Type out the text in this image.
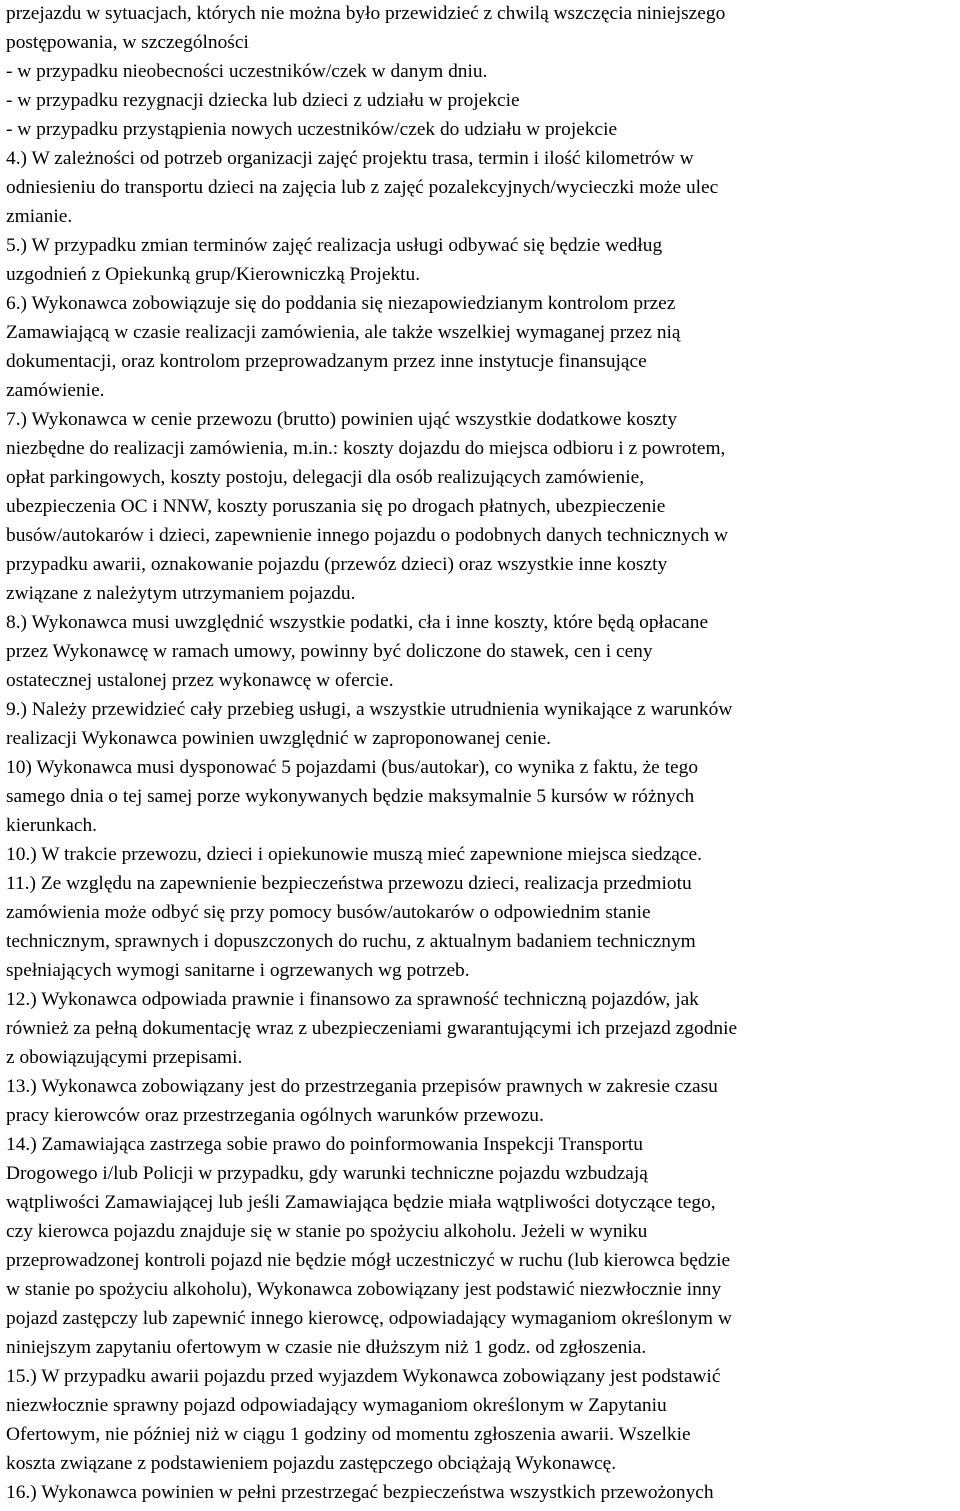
przejazdu w sytuacjach, których nie można było przewidzieć z chwilą wszczęcia niniejszego
postępowania, w szczególności
- w przypadku nieobecności uczestników/czek w danym dniu.
- w przypadku rezygnacji dziecka lub dzieci z udziału w projekcie
- w przypadku przystąpienia nowych uczestników/czek do udziału w projekcie
4.) W zależności od potrzeb organizacji zajęć projektu trasa, termin i ilość kilometrów w
odniesieniu do transportu dzieci na zajęcia lub z zajęć pozalekcyjnych/wycieczki może ulec
zmianie.
5.) W przypadku zmian terminów zajęć realizacja usługi odbywać się będzie według
uzgodnień z Opiekunką grup/Kierowniczką Projektu.
6.) Wykonawca zobowiązuje się do poddania się niezapowiedzianym kontrolom przez
Zamawiającą w czasie realizacji zamówienia, ale także wszelkiej wymaganej przez nią
dokumentacji, oraz kontrolom przeprowadzanym przez inne instytucje finansujące
zamówienie.
7.) Wykonawca w cenie przewozu (brutto) powinien ująć wszystkie dodatkowe koszty
niezbędne do realizacji zamówienia, m.in.: koszty dojazdu do miejsca odbioru i z powrotem,
opłat parkingowych, koszty postoju, delegacji dla osób realizujących zamówienie,
ubezpieczenia OC i NNW, koszty poruszania się po drogach płatnych, ubezpieczenie
busów/autokarów i dzieci, zapewnienie innego pojazdu o podobnych danych technicznych w
przypadku awarii, oznakowanie pojazdu (przewóz dzieci) oraz wszystkie inne koszty
związane z należytym utrzymaniem pojazdu.
8.) Wykonawca musi uwzględnić wszystkie podatki, cła i inne koszty, które będą opłacane
przez Wykonawcę w ramach umowy, powinny być doliczone do stawek, cen i ceny
ostatecznej ustalonej przez wykonawcę w ofercie.
9.) Należy przewidzieć cały przebieg usługi, a wszystkie utrudnienia wynikające z warunków
realizacji Wykonawca powinien uwzględnić w zaproponowanej cenie.
10) Wykonawca musi dysponować 5 pojazdami (bus/autokar), co wynika z faktu, że tego
samego dnia o tej samej porze wykonywanych będzie maksymalnie 5 kursów w różnych
kierunkach.
10.) W trakcie przewozu, dzieci i opiekunowie muszą mieć zapewnione miejsca siedzące.
11.) Ze względu na zapewnienie bezpieczeństwa przewozu dzieci, realizacja przedmiotu
zamówienia może odbyć się przy pomocy busów/autokarów o odpowiednim stanie
technicznym, sprawnych i dopuszczonych do ruchu, z aktualnym badaniem technicznym
spełniających wymogi sanitarne i ogrzewanych wg potrzeb.
12.) Wykonawca odpowiada prawnie i finansowo za sprawność techniczną pojazdów, jak
również za pełną dokumentację wraz z ubezpieczeniami gwarantującymi ich przejazd zgodnie
z obowiązującymi przepisami.
13.) Wykonawca zobowiązany jest do przestrzegania przepisów prawnych w zakresie czasu
pracy kierowców oraz przestrzegania ogólnych warunków przewozu.
14.) Zamawiająca zastrzega sobie prawo do poinformowania Inspekcji Transportu
Drogowego i/lub Policji w przypadku, gdy warunki techniczne pojazdu wzbudzają
wątpliwości Zamawiającej lub jeśli Zamawiająca będzie miała wątpliwości dotyczące tego,
czy kierowca pojazdu znajduje się w stanie po spożyciu alkoholu. Jeżeli w wyniku
przeprowadzonej kontroli pojazd nie będzie mógł uczestniczyć w ruchu (lub kierowca będzie
w stanie po spożyciu alkoholu), Wykonawca zobowiązany jest podstawić niezwłocznie inny
pojazd zastępczy lub zapewnić innego kierowcę, odpowiadający wymaganiom określonym w
niniejszym zapytaniu ofertowym w czasie nie dłuższym niż 1 godz. od zgłoszenia.
15.) W przypadku awarii pojazdu przed wyjazdem Wykonawca zobowiązany jest podstawić
niezwłocznie sprawny pojazd odpowiadający wymaganiom określonym w Zapytaniu
Ofertowym, nie później niż w ciągu 1 godziny od momentu zgłoszenia awarii. Wszelkie
koszta związane z podstawieniem pojazdu zastępczego obciążają Wykonawcę.
16.) Wykonawca powinien w pełni przestrzegać bezpieczeństwa wszystkich przewożonych
